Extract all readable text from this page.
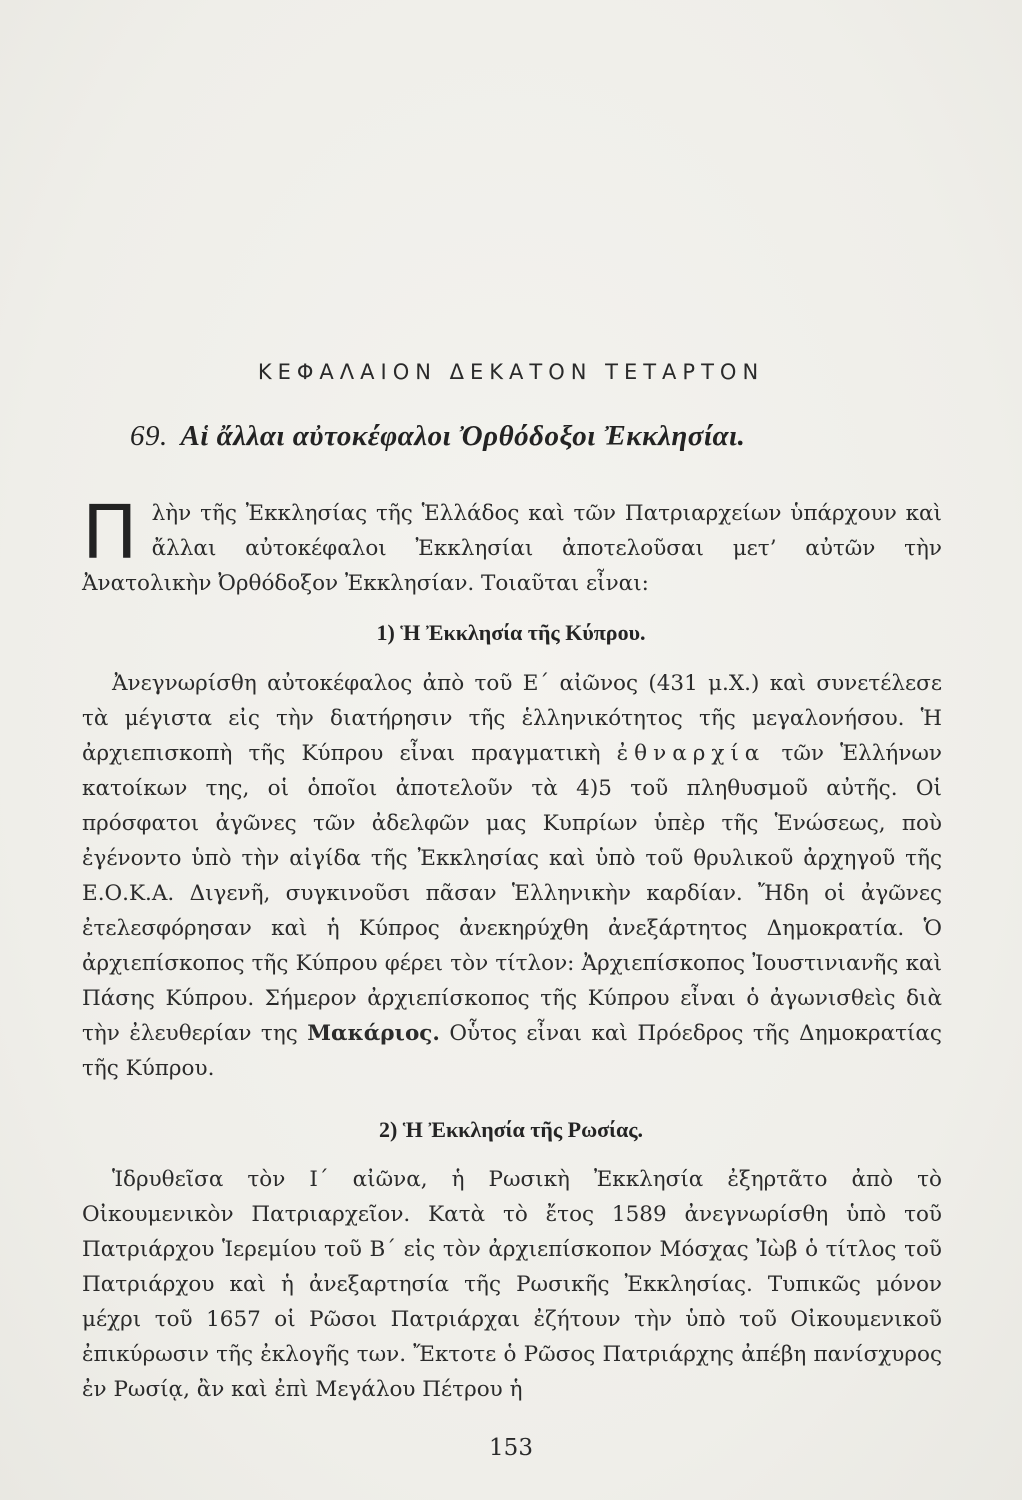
ΚΕΦΑΛΑΙΟΝ ΔΕΚΑΤΟΝ ΤΕΤΑΡΤΟΝ
69. Αἱ ἄλλαι αὐτοκέφαλοι Ὀρθόδοξοι Ἐκκλησίαι.
Π λὴν τῆς Ἐκκλησίας τῆς Ἑλλάδος καὶ τῶν Πατριαρχείων ὑπάρχουν καὶ ἄλλαι αὐτοκέφαλοι Ἐκκλησίαι ἀποτελοῦσαι μετ’ αὐτῶν τὴν Ἀνατολικὴν Ὀρθόδοξον Ἐκκλησίαν. Τοιαῦται εἶναι:
1) Ἡ Ἐκκλησία τῆς Κύπρου.

Ἀνεγνωρίσθη αὐτοκέφαλος ἀπὸ τοῦ Ε΄ αἰῶνος (431 μ.Χ.) καὶ συνετέλεσε τὰ μέγιστα εἰς τὴν διατήρησιν τῆς ἑλληνικότητος τῆς μεγαλονήσου. Ἡ ἀρχιεπισκοπὴ τῆς Κύπρου εἶναι πραγματικὴ ἐθναρχία τῶν Ἑλλήνων κατοίκων της, οἱ ὁποῖοι ἀποτελοῦν τὰ 4)5 τοῦ πληθυσμοῦ αὐτῆς. Οἱ πρόσφατοι ἀγῶνες τῶν ἀδελφῶν μας Κυπρίων ὑπὲρ τῆς Ἑνώσεως, ποὺ ἐγένοντο ὑπὸ τὴν αἰγίδα τῆς Ἐκκλησίας καὶ ὑπὸ τοῦ θρυλικοῦ ἀρχηγοῦ τῆς Ε.Ο.Κ.Α. Διγενῆ, συγκινοῦσι πᾶσαν Ἑλληνικὴν καρδίαν. Ἤδη οἱ ἀγῶνες ἐτελεσφόρησαν καὶ ἡ Κύπρος ἀνεκηρύχθη ἀνεξάρτητος Δημοκρατία. Ὁ ἀρχιεπίσκοπος τῆς Κύπρου φέρει τὸν τίτλον: Ἀρχιεπίσκοπος Ἰουστινιανῆς καὶ Πάσης Κύπρου. Σήμερον ἀρχιεπίσκοπος τῆς Κύπρου εἶναι ὁ ἀγωνισθεὶς διὰ τὴν ἐλευθερίαν της Μακάριος. Οὗτος εἶναι καὶ Πρόεδρος τῆς Δημοκρατίας τῆς Κύπρου.

2) Ἡ Ἐκκλησία τῆς Ρωσίας.
Ἱδρυθεῖσα τὸν Ι΄ αἰῶνα, ἡ Ρωσικὴ Ἐκκλησία ἐξηρτᾶτο ἀπὸ τὸ Οἰκουμενικὸν Πατριαρχεῖον. Κατὰ τὸ ἔτος 1589 ἀνεγνωρίσθη ὑπὸ τοῦ Πατριάρχου Ἱερεμίου τοῦ Β΄ εἰς τὸν ἀρχιεπίσκοπον Μόσχας Ἰὼβ ὁ τίτλος τοῦ Πατριάρχου καὶ ἡ ἀνεξαρτησία τῆς Ρωσικῆς Ἐκκλησίας. Τυπικῶς μόνον μέχρι τοῦ 1657 οἱ Ρῶσοι Πατριάρχαι ἐζήτουν τὴν ὑπὸ τοῦ Οἰκουμενικοῦ ἐπικύρωσιν τῆς ἐκλογῆς των. Ἔκτοτε ὁ Ρῶσος Πατριάρχης ἀπέβη πανίσχυρος ἐν Ρωσίᾳ, ἂν καὶ ἐπὶ Μεγάλου Πέτρου ἡ
153
